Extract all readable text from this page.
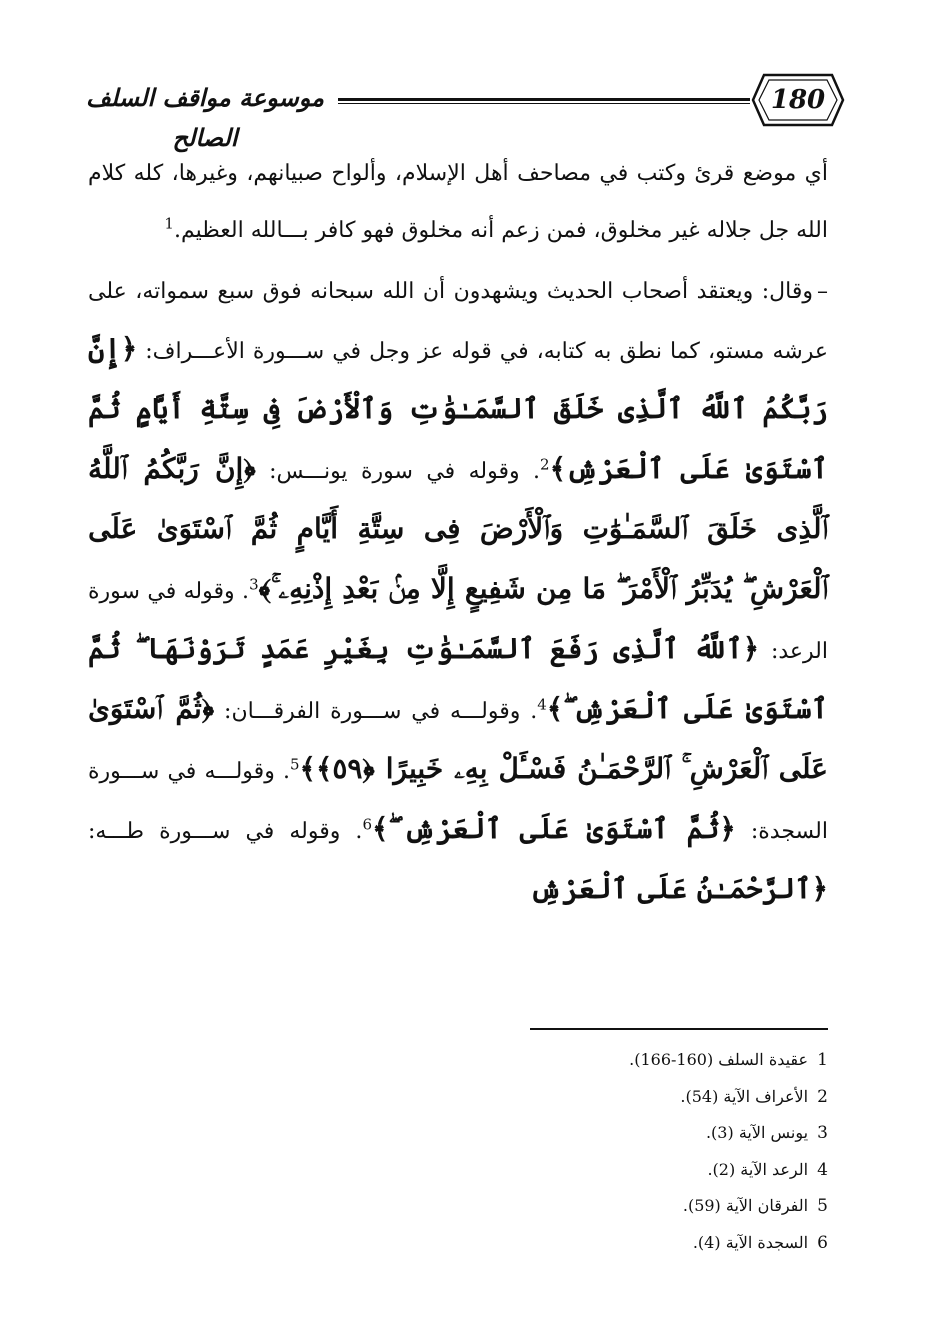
موسوعة مواقف السلف الصالح
180

أي موضع قرئ وكتب في مصاحف أهل الإسلام، وألواح صبيانهم، وغيرها، كله كلام الله جل جلاله غير مخلوق، فمن زعم أنه مخلوق فهو كافر بـــالله العظيم.$^1$

–وقال: ويعتقد أصحاب الحديث ويشهدون أن الله سبحانه فوق سبع سمواته، على عرشه مستو، كما نطق به كتابه، في قوله عز وجل في ســـورة الأعـــراف: ﴿إِنَّ رَبَّكُمُ ٱللَّهُ ٱلَّذِى خَلَقَ ٱلسَّمَـٰوَٰتِ وَٱلْأَرْضَ فِى سِتَّةِ أَيَّامٍ ثُمَّ ٱسْتَوَىٰ عَلَى ٱلْعَرْشِ﴾$^2$. وقوله في سورة يونـــس: ﴿إِنَّ رَبَّكُمُ ٱللَّهُ ٱلَّذِى خَلَقَ ٱلسَّمَـٰوَٰتِ وَٱلْأَرْضَ فِى سِتَّةِ أَيَّامٍ ثُمَّ ٱسْتَوَىٰ عَلَى ٱلْعَرْشِ ۖ يُدَبِّرُ ٱلْأَمْرَ ۖ مَا مِن شَفِيعٍ إِلَّا مِنۢ بَعْدِ إِذْنِهِۦ ۚ﴾$^3$. وقوله في سورة الرعد: ﴿ٱللَّهُ ٱلَّذِى رَفَعَ ٱلسَّمَـٰوَٰتِ بِغَيْرِ عَمَدٍ تَرَوْنَهَا ۖ ثُمَّ ٱسْتَوَىٰ عَلَى ٱلْعَرْشِ ۖ﴾$^4$. وقولـــه في ســـورة الفرقـــان: ﴿ثُمَّ ٱسْتَوَىٰ عَلَى ٱلْعَرْشِ ۚ ٱلرَّحْمَـٰنُ فَسْـَٔلْ بِهِۦ خَبِيرًا ﴿٥٩﴾﴾$^5$. وقولـــه في ســـورة السجدة: ﴿ثُمَّ ٱسْتَوَىٰ عَلَى ٱلْعَرْشِ ۖ﴾$^6$. وقوله في ســـورة طـــه: ﴿ٱلرَّحْمَـٰنُ عَلَى ٱلْعَرْشِ

1 عقيدة السلف (160-166).
2 الأعراف الآية (54).
3 يونس الآية (3).
4 الرعد الآية (2).
5 الفرقان الآية (59).
6 السجدة الآية (4).
